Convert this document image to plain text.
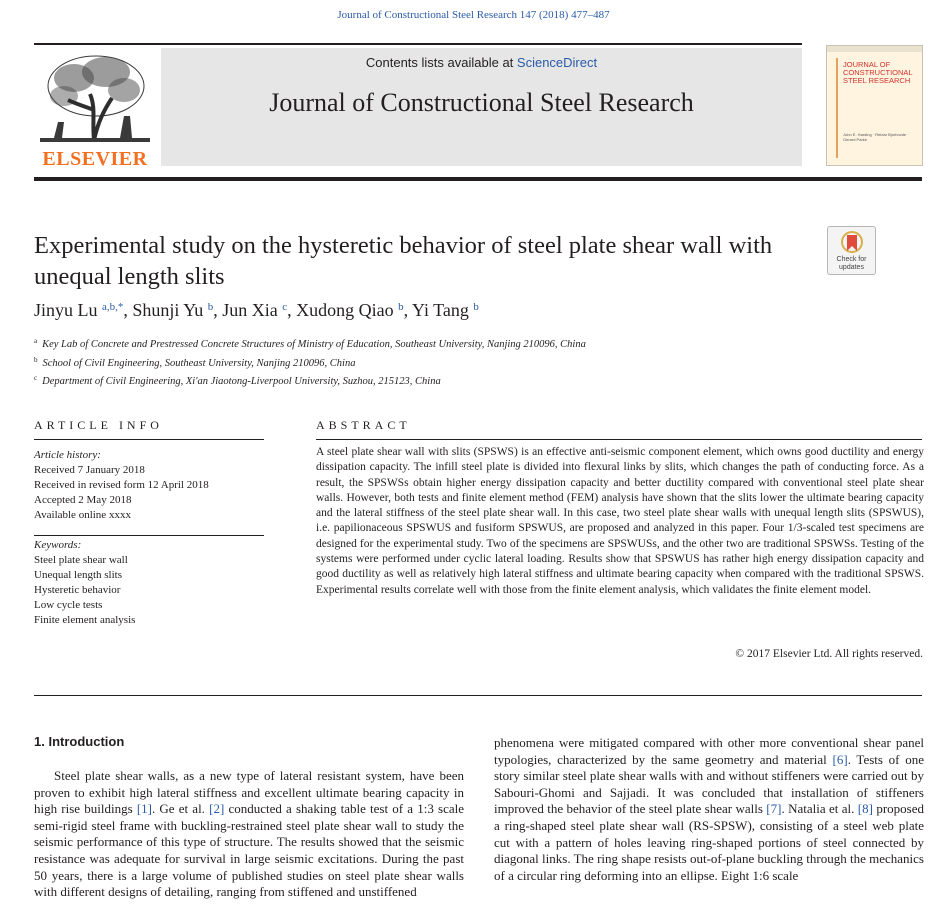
Journal of Constructional Steel Research 147 (2018) 477–487
ELSEVIER
Contents lists available at ScienceDirect
Journal of Constructional Steel Research
JOURNAL OF CONSTRUCTIONAL STEEL RESEARCH
John E. Harding · Reidar Bjorhovde · Gerard Parke
Experimental study on the hysteretic behavior of steel plate shear wall with unequal length slits
Check for updates
Jinyu Lu $^{a,b,*}$, Shunji Yu $^b$, Jun Xia $^c$, Xudong Qiao $^b$, Yi Tang $^b$
$^a$ Key Lab of Concrete and Prestressed Concrete Structures of Ministry of Education, Southeast University, Nanjing 210096, China
$^b$ School of Civil Engineering, Southeast University, Nanjing 210096, China
$^c$ Department of Civil Engineering, Xi'an Jiaotong-Liverpool University, Suzhou, 215123, China
ARTICLE INFO	ABSTRACT
Article history:
Received 7 January 2018
Received in revised form 12 April 2018
Accepted 2 May 2018
Available online xxxx
Keywords:
Steel plate shear wall
Unequal length slits
Hysteretic behavior
Low cycle tests
Finite element analysis
A steel plate shear wall with slits (SPSWS) is an effective anti-seismic component element, which owns good ductility and energy dissipation capacity. The infill steel plate is divided into flexural links by slits, which changes the path of conducting force. As a result, the SPSWSs obtain higher energy dissipation capacity and better ductility compared with conventional steel plate shear walls. However, both tests and finite element method (FEM) analysis have shown that the slits lower the ultimate bearing capacity and the lateral stiffness of the steel plate shear wall. In this case, two steel plate shear walls with unequal length slits (SPSWUS), i.e. papilionaceous SPSWUS and fusiform SPSWUS, are proposed and analyzed in this paper. Four 1/3-scaled test specimens are designed for the experimental study. Two of the specimens are SPSWUSs, and the other two are traditional SPSWSs. Testing of the systems were performed under cyclic lateral loading. Results show that SPSWUS has rather high energy dissipation capacity and good ductility as well as relatively high lateral stiffness and ultimate bearing capacity when compared with the traditional SPSWS. Experimental results correlate well with those from the finite element analysis, which validates the finite element model.
© 2017 Elsevier Ltd. All rights reserved.
1. Introduction
Steel plate shear walls, as a new type of lateral resistant system, have been proven to exhibit high lateral stiffness and excellent ultimate bearing capacity in high rise buildings [1]. Ge et al. [2] conducted a shaking table test of a 1:3 scale semi-rigid steel frame with buckling-restrained steel plate shear wall to study the seismic performance of this type of structure. The results showed that the seismic resistance was adequate for survival in large seismic excitations. During the past 50 years, there is a large volume of published studies on steel plate shear walls with different designs of detailing, ranging from stiffened and unstiffened
phenomena were mitigated compared with other more conventional shear panel typologies, characterized by the same geometry and material [6]. Tests of one story similar steel plate shear walls with and without stiffeners were carried out by Sabouri-Ghomi and Sajjadi. It was concluded that installation of stiffeners improved the behavior of the steel plate shear walls [7]. Natalia et al. [8] proposed a ring-shaped steel plate shear wall (RS-SPSW), consisting of a steel web plate cut with a pattern of holes leaving ring-shaped portions of steel connected by diagonal links. The ring shape resists out-of-plane buckling through the mechanics of a circular ring deforming into an ellipse. Eight 1:6 scale
